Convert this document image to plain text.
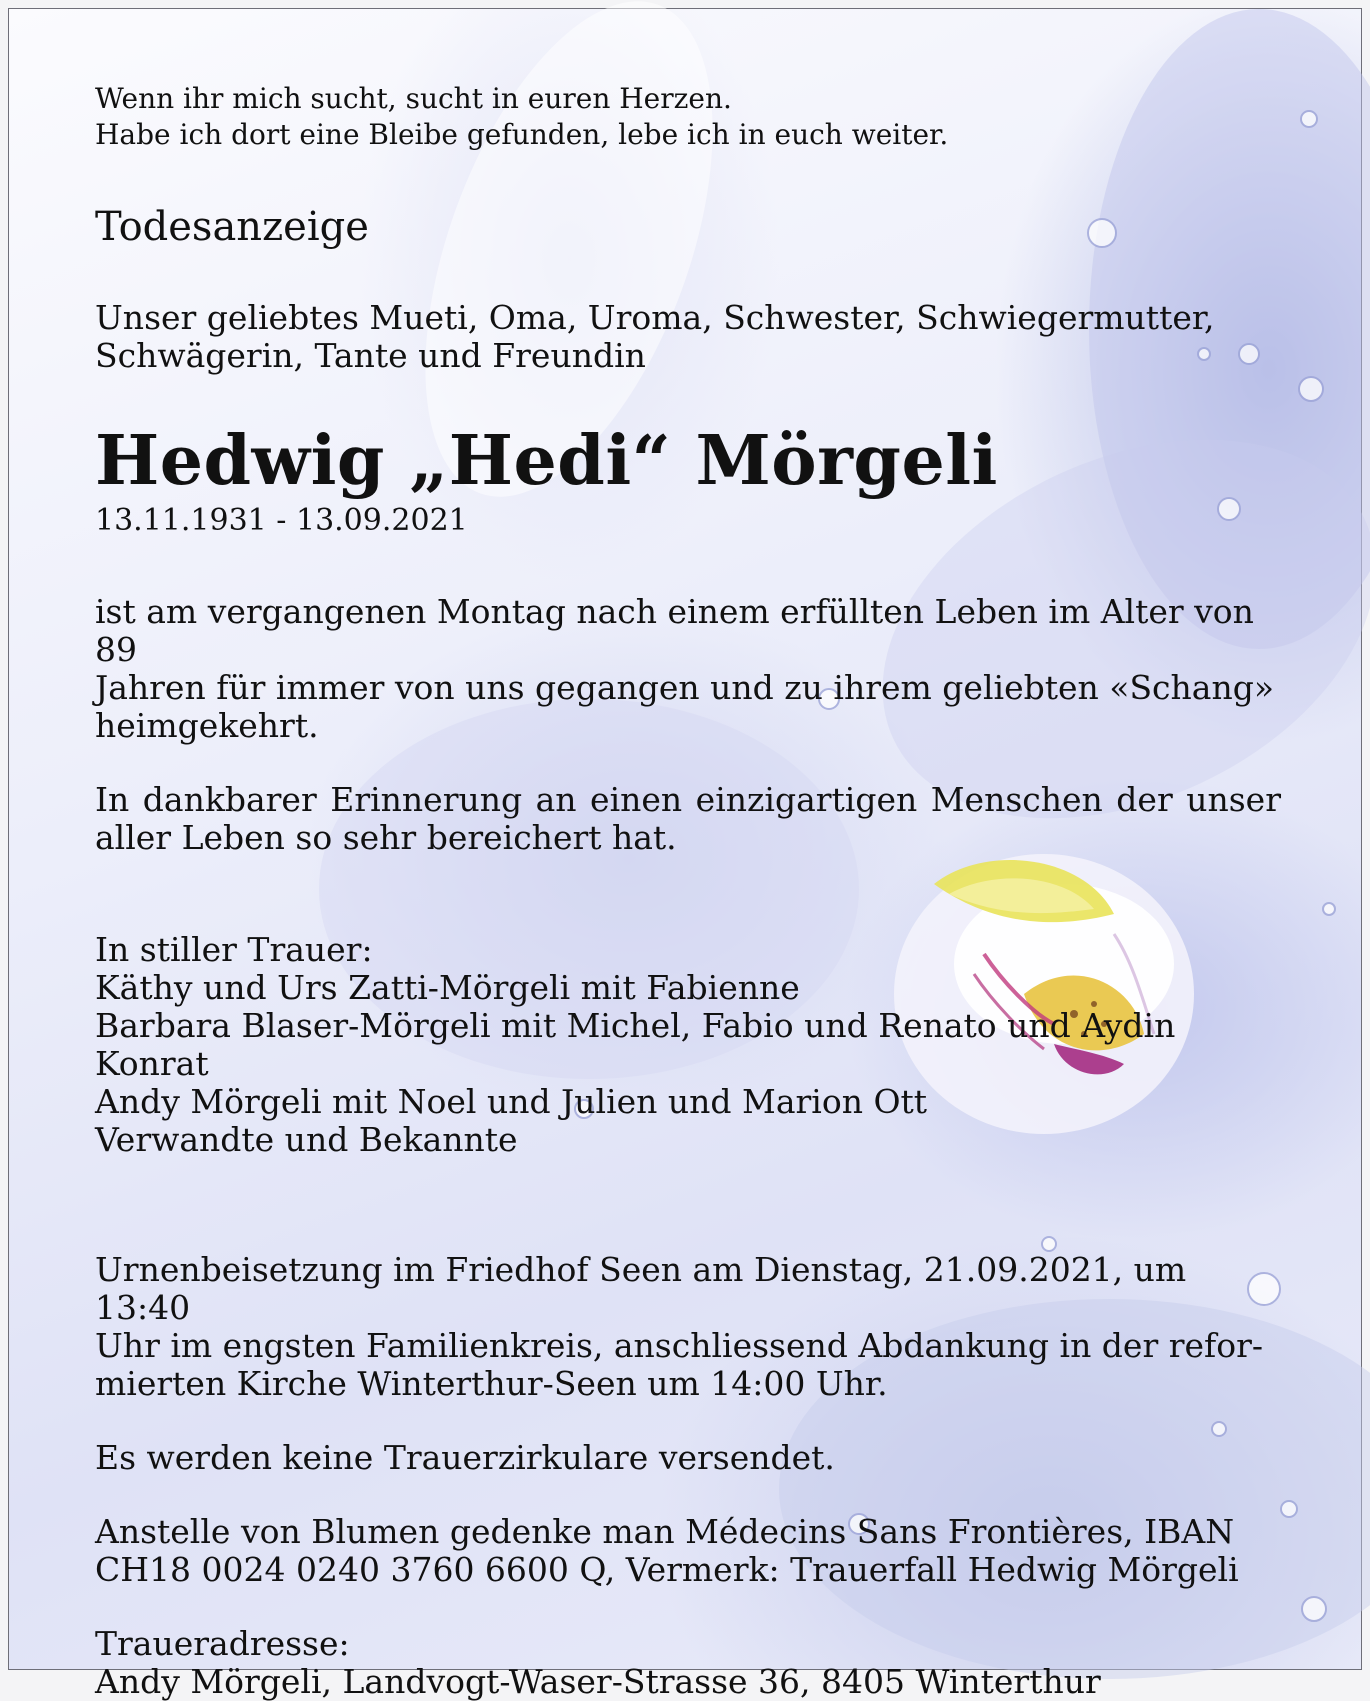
Wenn ihr mich sucht, sucht in euren Herzen.
Habe ich dort eine Bleibe gefunden, lebe ich in euch weiter.

Todesanzeige

Unser geliebtes Mueti, Oma, Uroma, Schwester, Schwiegermutter,
Schwägerin, Tante und Freundin

Hedwig „Hedi“ Mörgeli

13.11.1931 - 13.09.2021

ist am vergangenen Montag nach einem erfüllten Leben im Alter von 89
Jahren für immer von uns gegangen und zu ihrem geliebten «Schang»
heimgekehrt.

In dankbarer Erinnerung an einen einzigartigen Menschen der unser aller Leben so sehr bereichert hat.

In stiller Trauer:
Käthy und Urs Zatti-Mörgeli mit Fabienne
Barbara Blaser-Mörgeli mit Michel, Fabio und Renato und Aydin Konrat
Andy Mörgeli mit Noel und Julien und Marion Ott
Verwandte und Bekannte

Urnenbeisetzung im Friedhof Seen am Dienstag, 21.09.2021, um 13:40
Uhr im engsten Familienkreis, anschliessend Abdankung in der refor-
mierten Kirche Winterthur-Seen um 14:00 Uhr.

Es werden keine Trauerzirkulare versendet.

Anstelle von Blumen gedenke man Médecins Sans Frontières, IBAN
CH18 0024 0240 3760 6600 Q, Vermerk: Trauerfall Hedwig Mörgeli

Traueradresse:
Andy Mörgeli, Landvogt-Waser-Strasse 36, 8405 Winterthur
